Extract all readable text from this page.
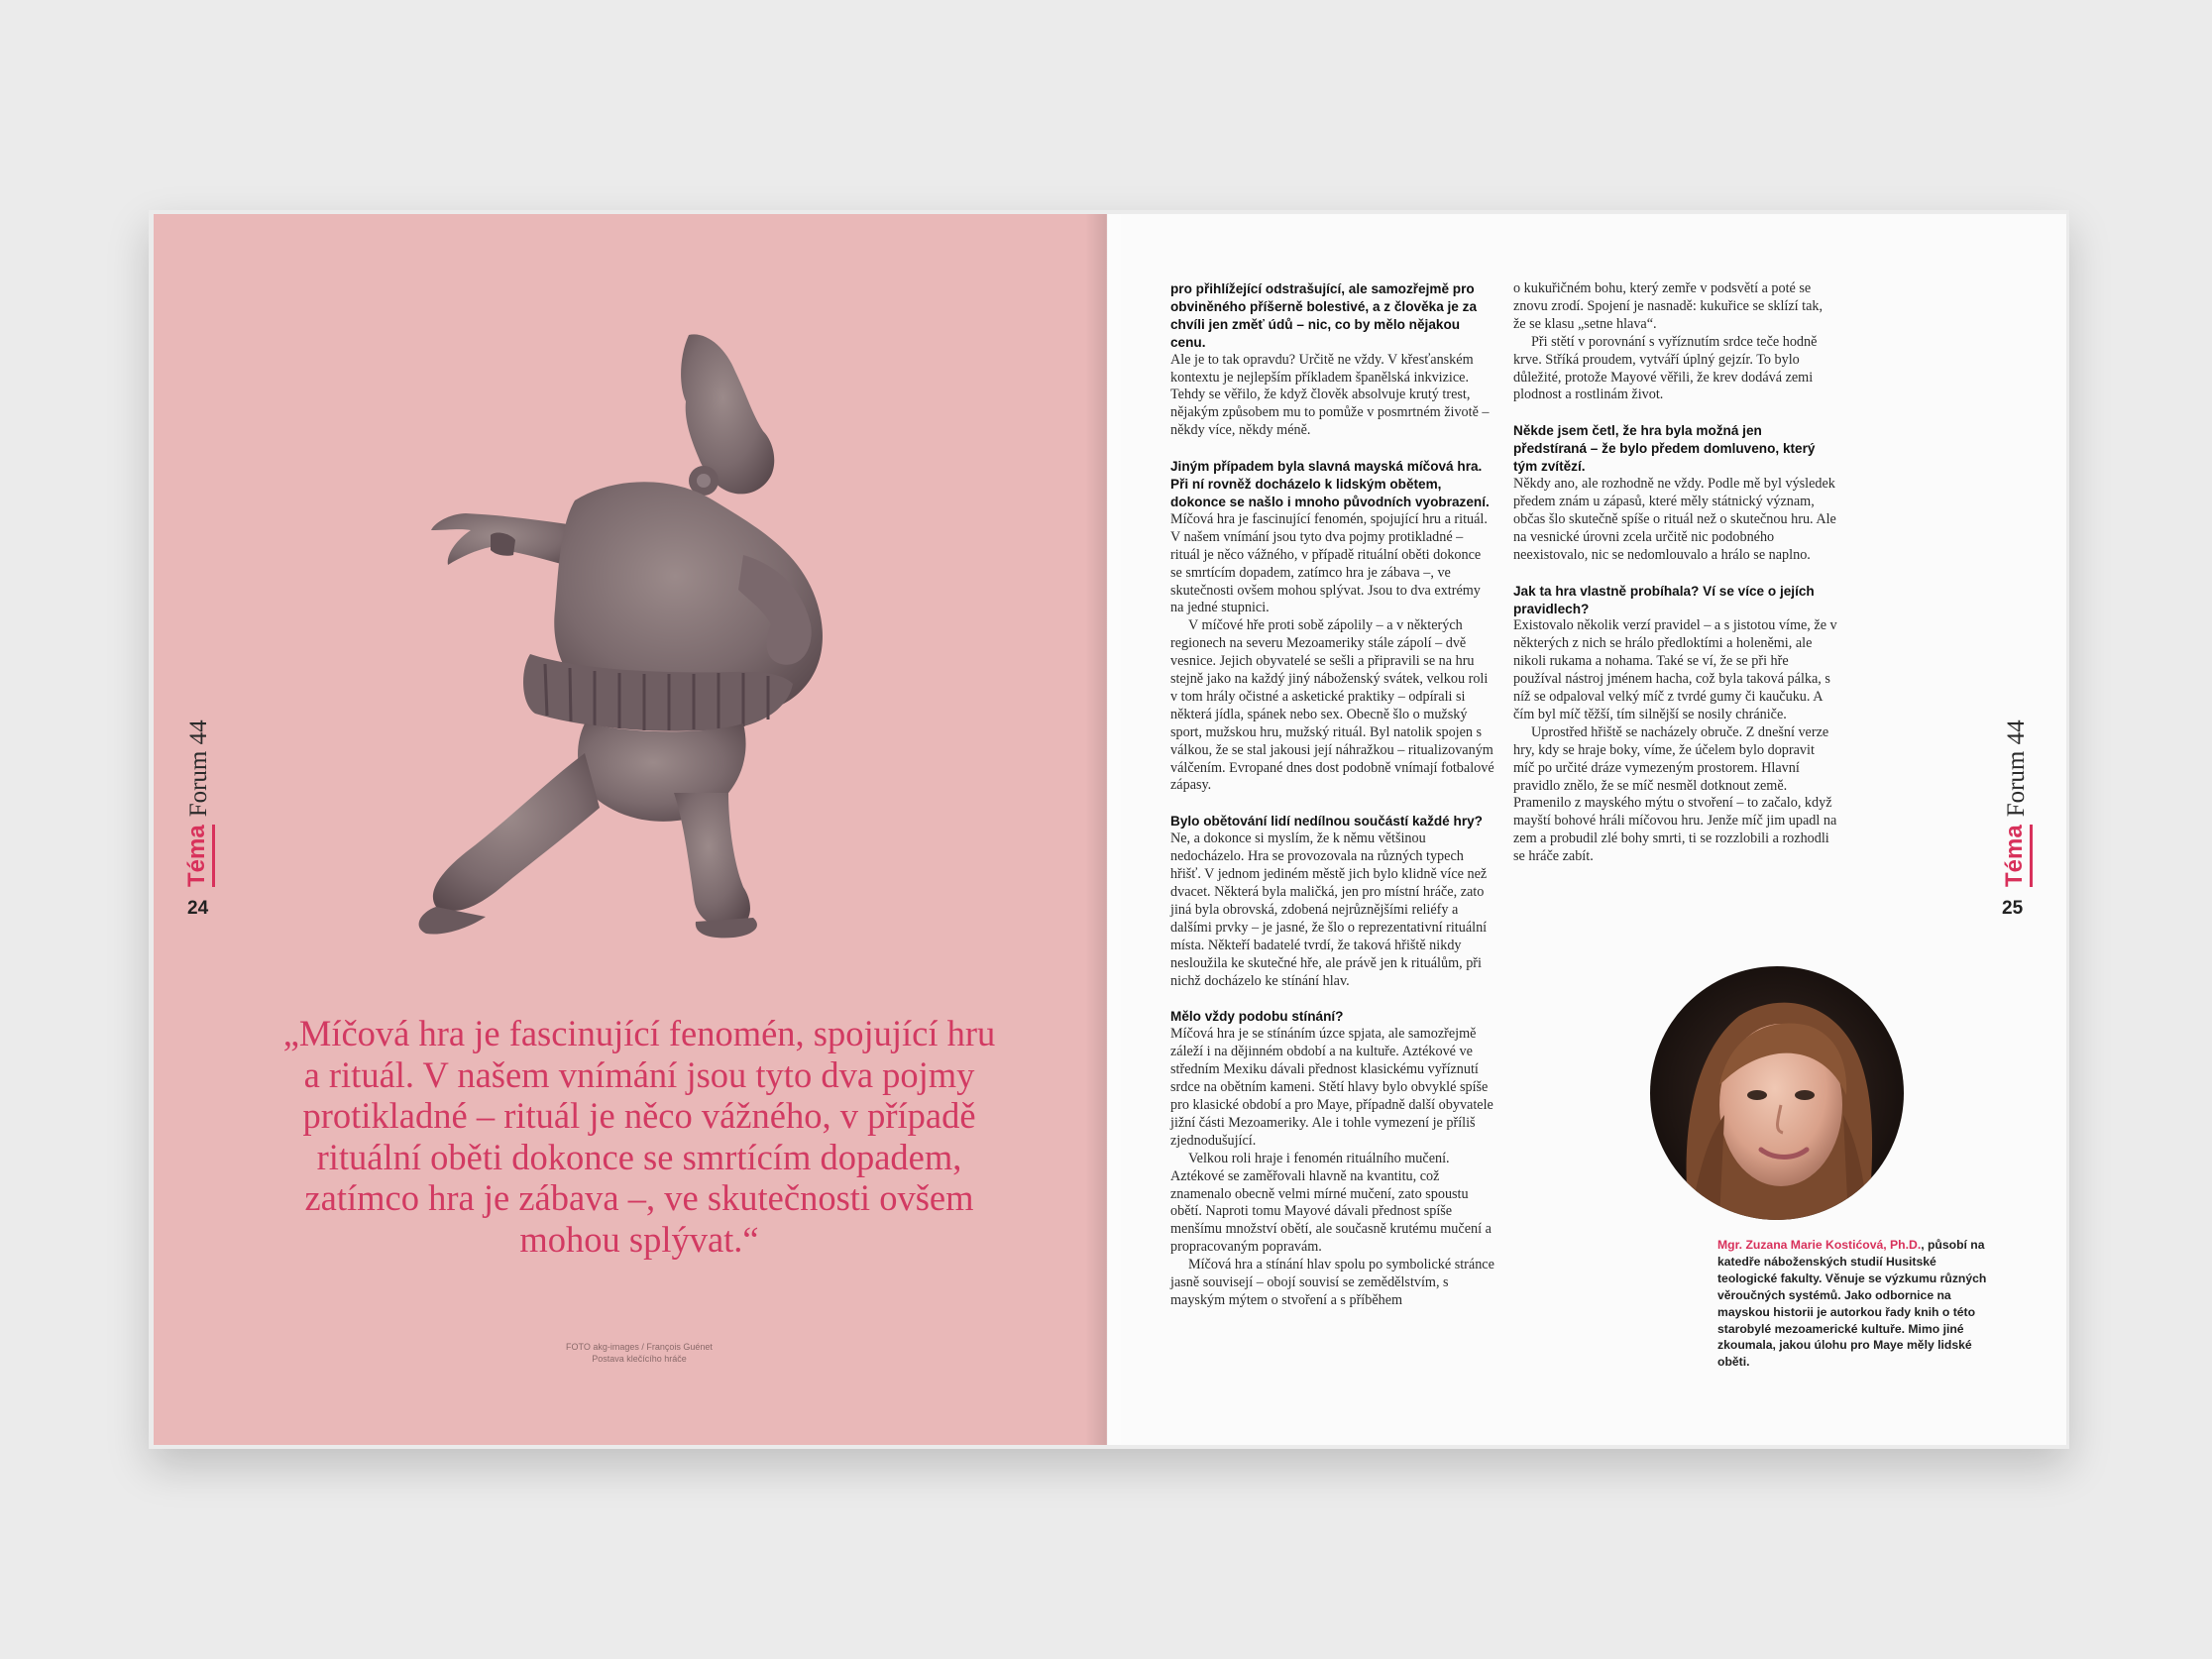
Téma
Forum 44
24
„Míčová hra je fascinující fenomén, spojující hru a rituál. V našem vnímání jsou tyto dva pojmy protikladné – rituál je něco vážného, v případě rituální oběti dokonce se smrtícím dopadem, zatímco hra je zábava –, ve skutečnosti ovšem mohou splývat.“
FOTO akg-images / François Guénet
Postava klečícího hráče
pro přihlížející odstrašující, ale samozřejmě pro obviněného příšerně bolestivé, a z člověka je za chvíli jen změť údů – nic, co by mělo nějakou cenu.

Ale je to tak opravdu? Určitě ne vždy. V křesťanském kontextu je nejlepším příkladem španělská inkvizice. Tehdy se věřilo, že když člověk absolvuje krutý trest, nějakým způsobem mu to pomůže v posmrtném životě – někdy více, někdy méně.

Jiným případem byla slavná mayská míčová hra. Při ní rovněž docházelo k lidským obětem, dokonce se našlo i mnoho původních vyobrazení.

Míčová hra je fascinující fenomén, spojující hru a rituál. V našem vnímání jsou tyto dva pojmy protikladné – rituál je něco vážného, v případě rituální oběti dokonce se smrtícím dopadem, zatímco hra je zábava –, ve skutečnosti ovšem mohou splývat. Jsou to dva extrémy na jedné stupnici.

V míčové hře proti sobě zápolily – a v některých regionech na severu Mezoameriky stále zápolí – dvě vesnice. Jejich obyvatelé se sešli a připravili se na hru stejně jako na každý jiný náboženský svátek, velkou roli v tom hrály očistné a asketické praktiky – odpírali si některá jídla, spánek nebo sex. Obecně šlo o mužský sport, mužskou hru, mužský rituál. Byl natolik spojen s válkou, že se stal jakousi její náhražkou – ritualizovaným válčením. Evropané dnes dost podobně vnímají fotbalové zápasy.

Bylo obětování lidí nedílnou součástí každé hry?

Ne, a dokonce si myslím, že k němu většinou nedocházelo. Hra se provozovala na různých typech hřišť. V jednom jediném městě jich bylo klidně více než dvacet. Některá byla maličká, jen pro místní hráče, zato jiná byla obrovská, zdobená nejrůznějšími reliéfy a dalšími prvky – je jasné, že šlo o reprezentativní rituální místa. Někteří badatelé tvrdí, že taková hřiště nikdy nesloužila ke skutečné hře, ale právě jen k rituálům, při nichž docházelo ke stínání hlav.

Mělo vždy podobu stínání?

Míčová hra je se stínáním úzce spjata, ale samozřejmě záleží i na dějinném období a na kultuře. Aztékové ve středním Mexiku dávali přednost klasickému vyříznutí srdce na obětním kameni. Stětí hlavy bylo obvyklé spíše pro klasické období a pro Maye, případně další obyvatele jižní části Mezoameriky. Ale i tohle vymezení je příliš zjednodušující.

Velkou roli hraje i fenomén rituálního mučení. Aztékové se zaměřovali hlavně na kvantitu, což znamenalo obecně velmi mírné mučení, zato spoustu obětí. Naproti tomu Mayové dávali přednost spíše menšímu množství obětí, ale současně krutému mučení a propracovaným popravám.

Míčová hra a stínání hlav spolu po symbolické stránce jasně souvisejí – obojí souvisí se zemědělstvím, s mayským mýtem o stvoření a s příběhem

o kukuřičném bohu, který zemře v podsvětí a poté se znovu zrodí. Spojení je nasnadě: kukuřice se sklízí tak, že se klasu „setne hlava“.

Při stětí v porovnání s vyříznutím srdce teče hodně krve. Stříká proudem, vytváří úplný gejzír. To bylo důležité, protože Mayové věřili, že krev dodává zemi plodnost a rostlinám život.

Někde jsem četl, že hra byla možná jen předstíraná – že bylo předem domluveno, který tým zvítězí.

Někdy ano, ale rozhodně ne vždy. Podle mě byl výsledek předem znám u zápasů, které měly státnický význam, občas šlo skutečně spíše o rituál než o skutečnou hru. Ale na vesnické úrovni zcela určitě nic podobného neexistovalo, nic se nedomlouvalo a hrálo se naplno.

Jak ta hra vlastně probíhala? Ví se více o jejích pravidlech?

Existovalo několik verzí pravidel – a s jistotou víme, že v některých z nich se hrálo předloktími a holeněmi, ale nikoli rukama a nohama. Také se ví, že se při hře používal nástroj jménem hacha, což byla taková pálka, s níž se odpaloval velký míč z tvrdé gumy či kaučuku. A čím byl míč těžší, tím silnější se nosily chrániče.

Uprostřed hřiště se nacházely obruče. Z dnešní verze hry, kdy se hraje boky, víme, že účelem bylo dopravit míč po určité dráze vymezeným prostorem. Hlavní pravidlo znělo, že se míč nesměl dotknout země. Pramenilo z mayského mýtu o stvoření – to začalo, když mayští bohové hráli míčovou hru. Jenže míč jim upadl na zem a probudil zlé bohy smrti, ti se rozzlobili a rozhodli se hráče zabít.

Mgr. Zuzana Marie Kostićová, Ph.D., působí na katedře náboženských studií Husitské teologické fakulty. Věnuje se výzkumu různých věroučných systémů. Jako odbornice na mayskou historii je autorkou řady knih o této starobylé mezoamerické kultuře. Mimo jiné zkoumala, jakou úlohu pro Maye měly lidské oběti.
Téma
Forum 44
25
